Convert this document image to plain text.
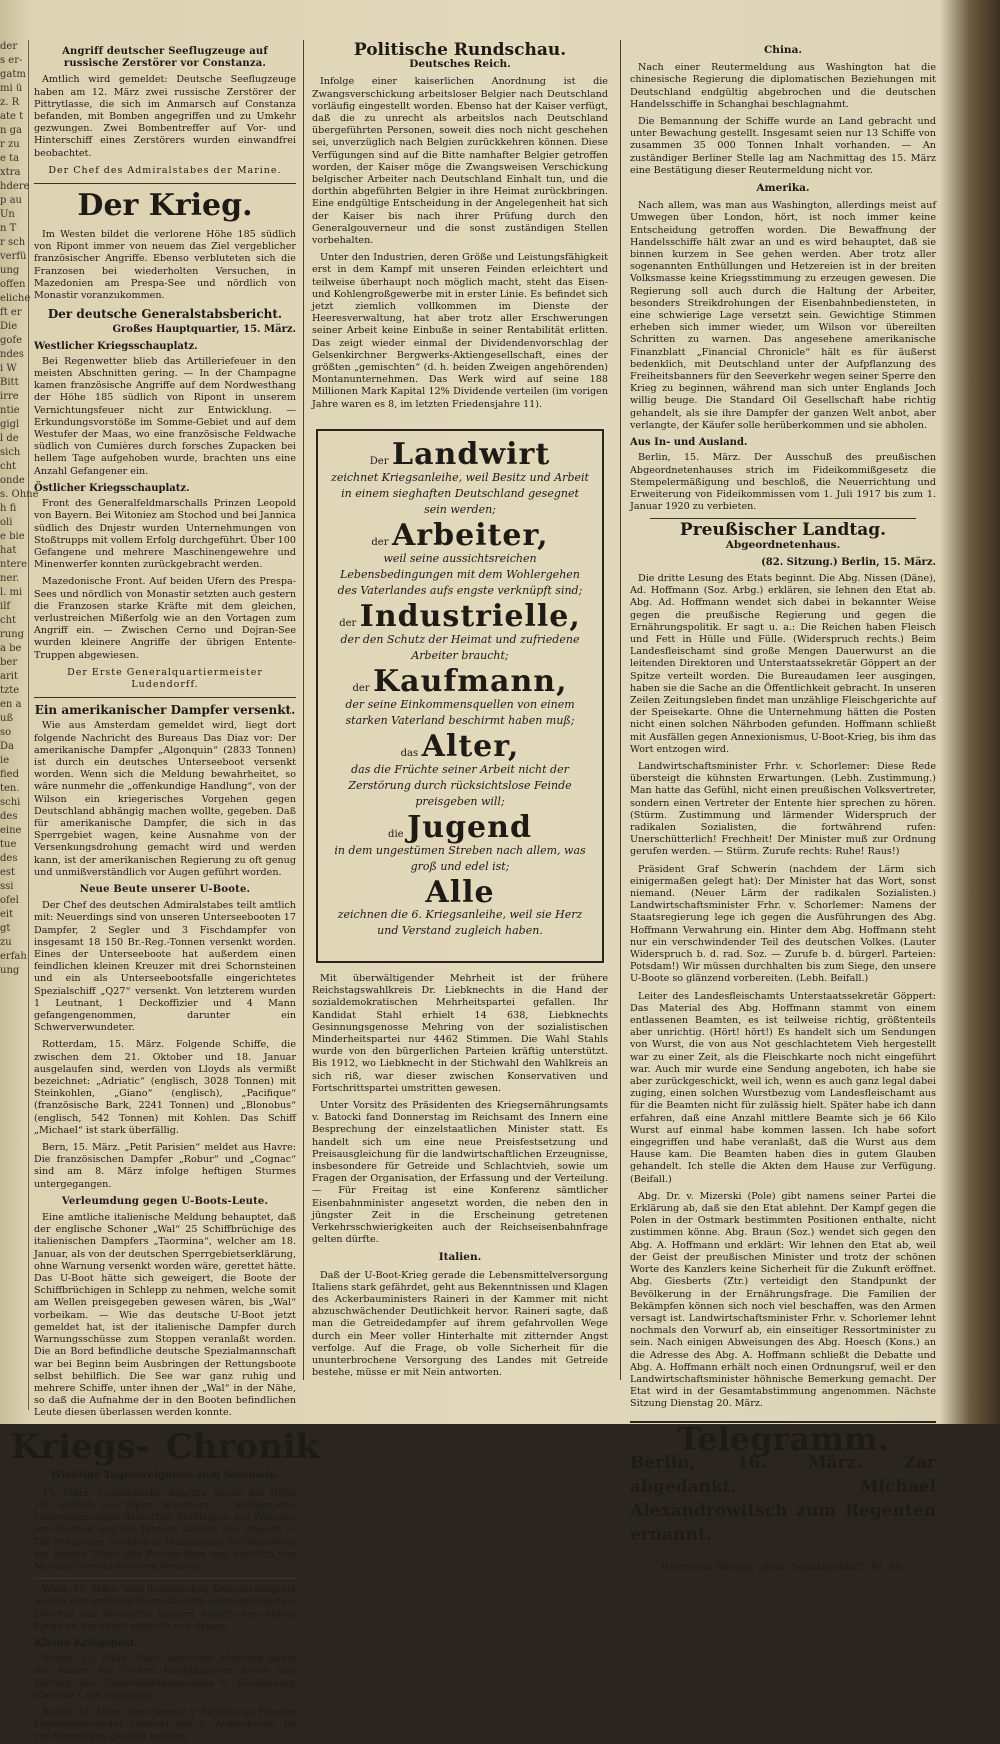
der
s er-
gatm
mi ü
z. R
ate t
n ga
r zu
e ta
xtra
hdere
p au
Un
n T
r sch
verfü
ung
offen
eliche
ft er
Die
gofe
ndes
i W
Bitt
irre
ntie
gigl
l de
sich
cht
onde
s. Ohne
h fi
oli
e bie
hat
ntere
ner.
l. mi
ilf
cht
rung
a be
ber
arit
tzte
en a
uß
so
Da
ie
fied
ten.
schi
des
eine
tue
des
est
ssi
ofel
eit
gt
zu
erfah
ung
Angriff deutscher Seeflugzeuge auf russische Zerstörer vor Constanza.

Amtlich wird gemeldet: Deutsche Seeflugzeuge haben am 12. März zwei russische Zerstörer der Pittrytlasse, die sich im Anmarsch auf Constanza befanden, mit Bomben angegriffen und zu Umkehr gezwungen. Zwei Bombentreffer auf Vor- und Hinterschiff eines Zerstörers wurden einwandfrei beobachtet.

Der Chef des Admiralstabes der Marine.
Der Krieg.

Im Westen bildet die verlorene Höhe 185 südlich von Ripont immer von neuem das Ziel vergeblicher französischer Angriffe. Ebenso verbluteten sich die Franzosen bei wiederholten Versuchen, in Mazedonien am Prespa-See und nördlich von Monastir voranzukommen.

Der deutsche Generalstabsbericht.
Großes Hauptquartier, 15. März.
Westlicher Kriegsschauplatz.

Bei Regenwetter blieb das Artilleriefeuer in den meisten Abschnitten gering. — In der Champagne kamen französische Angriffe auf dem Nordwesthang der Höhe 185 südlich von Ripont in unserem Vernichtungsfeuer nicht zur Entwicklung. — Erkundungsvorstöße im Somme-Gebiet und auf dem Westufer der Maas, wo eine französische Feldwache südlich von Cumières durch forsches Zupacken bei hellem Tage aufgehoben wurde, brachten uns eine Anzahl Gefangener ein.

Östlicher Kriegsschauplatz.

Front des Generalfeldmarschalls Prinzen Leopold von Bayern. Bei Witoniez am Stochod und bei Jannica südlich des Dnjestr wurden Unternehmungen von Stoßtrupps mit vollem Erfolg durchgeführt. Über 100 Gefangene und mehrere Maschinengewehre und Minenwerfer konnten zurückgebracht werden.

Mazedonische Front. Auf beiden Ufern des Prespa-Sees und nördlich von Monastir setzten auch gestern die Franzosen starke Kräfte mit dem gleichen, verlustreichen Mißerfolg wie an den Vortagen zum Angriff ein. — Zwischen Cerno und Dojran-See wurden kleinere Angriffe der übrigen Entente-Truppen abgewiesen.

Der Erste Generalquartiermeister Ludendorff.
Ein amerikanischer Dampfer versenkt.

Wie aus Amsterdam gemeldet wird, liegt dort folgende Nachricht des Bureaus Das Diaz vor: Der amerikanische Dampfer „Algonquin“ (2833 Tonnen) ist durch ein deutsches Unterseeboot versenkt worden. Wenn sich die Meldung bewahrheitet, so wäre nunmehr die „offenkundige Handlung“, von der Wilson ein kriegerisches Vorgehen gegen Deutschland abhängig machen wollte, gegeben. Daß für amerikanische Dampfer, die sich in das Sperrgebiet wagen, keine Ausnahme von der Versenkungsdrohung gemacht wird und werden kann, ist der amerikanischen Regierung zu oft genug und unmißverständlich vor Augen geführt worden.

Neue Beute unserer U-Boote.

Der Chef des deutschen Admiralstabes teilt amtlich mit: Neuerdings sind von unseren Unterseebooten 17 Dampfer, 2 Segler und 3 Fischdampfer von insgesamt 18 150 Br.-Reg.-Tonnen versenkt worden. Eines der Unterseeboote hat außerdem einen feindlichen kleinen Kreuzer mit drei Schornsteinen und ein als Unterseebootsfalle eingerichtetes Spezialschiff „Q27“ versenkt. Von letzterem wurden 1 Leutnant, 1 Deckoffizier und 4 Mann gefangengenommen, darunter ein Schwerverwundeter.

Rotterdam, 15. März. Folgende Schiffe, die zwischen dem 21. Oktober und 18. Januar ausgelaufen sind, werden von Lloyds als vermißt bezeichnet: „Adriatic“ (englisch, 3028 Tonnen) mit Steinkohlen, „Giano“ (englisch), „Pacifique“ (französische Bark, 2241 Tonnen) und „Blonobus“ (englisch, 542 Tonnen) mit Kohlen. Das Schiff „Michael“ ist stark überfällig.

Bern, 15. März. „Petit Parisien“ meldet aus Havre: Die französischen Dampfer „Robur“ und „Cognac“ sind am 8. März infolge heftigen Sturmes untergegangen.

Verleumdung gegen U-Boots-Leute.

Eine amtliche italienische Meldung behauptet, daß der englische Schoner „Wal“ 25 Schiffbrüchige des italienischen Dampfers „Taormina“, welcher am 18. Januar, als von der deutschen Sperrgebietserklärung, ohne Warnung versenkt worden wäre, gerettet hätte. Das U-Boot hätte sich geweigert, die Boote der Schiffbrüchigen in Schlepp zu nehmen, welche somit am Wellen preisgegeben gewesen wären, bis „Wal“ vorbeikam. — Wie das deutsche U-Boot jetzt gemeldet hat, ist der italienische Dampfer durch Warnungsschüsse zum Stoppen veranlaßt worden. Die an Bord befindliche deutsche Spezialmannschaft war bei Beginn beim Ausbringen der Rettungsboote selbst behilflich. Die See war ganz ruhig und mehrere Schiffe, unter ihnen der „Wal“ in der Nähe, so daß die Aufnahme der in den Booten befindlichen Leute diesen überlassen werden konnte.

Kriegs- Chronik
Wichtige Tagesereignisse zum Sammeln.

15. März. Französische Angriffe gegen die Höhe 185 südlich von Ripont scheitern. — Erfolgreiche Unternehmungen deutscher Stoßtrupps bei Witoniez am Stochod und bei Jannica südlich des Dnjestr. — Die Franzosen erleiden in Mazedonien bei Vorstößen auf beiden Ufern des Prespa-Sees und nördlich von Monastir erneut schwere Verluste.

Wien, 15. März. Vom italienischen Kriegsschauplatz meldet der amtliche Heeresbericht einen gelungenen Überfall auf feindliche Gräben östlich des Monte Forno an der Front nördlich von Asiago.

Kleine Kriegspost.

Berlin, 15. März. Nach amtlicher Meldung nahm der Kaiser im Großen Hauptquartier heute den Vortrag des Generalfeldmarschalls v. Hindenburg über die Lage entgegen.

Berlin, 15. März. Der General v. Strantz, im Frieden kommandierender General des 5. Armeekorps, ist zur Disposition gestellt worden.

Politische Rundschau.
Deutsches Reich.

Infolge einer kaiserlichen Anordnung ist die Zwangsverschickung arbeitsloser Belgier nach Deutschland vorläufig eingestellt worden. Ebenso hat der Kaiser verfügt, daß die zu unrecht als arbeitslos nach Deutschland übergeführten Personen, soweit dies noch nicht geschehen sei, unverzüglich nach Belgien zurückkehren können. Diese Verfügungen sind auf die Bitte namhafter Belgier getroffen worden, der Kaiser möge die Zwangsweisen Verschickung belgischer Arbeiter nach Deutschland Einhalt tun, und die dorthin abgeführten Belgier in ihre Heimat zurückbringen. Eine endgültige Entscheidung in der Angelegenheit hat sich der Kaiser bis nach ihrer Prüfung durch den Generalgouverneur und die sonst zuständigen Stellen vorbehalten.

Unter den Industrien, deren Größe und Leistungsfähigkeit erst in dem Kampf mit unseren Feinden erleichtert und teilweise überhaupt noch möglich macht, steht das Eisen- und Kohlengroßgewerbe mit in erster Linie. Es befindet sich jetzt ziemlich vollkommen im Dienste der Heeresverwaltung, hat aber trotz aller Erschwerungen seiner Arbeit keine Einbuße in seiner Rentabilität erlitten. Das zeigt wieder einmal der Dividendenvorschlag der Gelsenkirchner Bergwerks-Aktiengesellschaft, eines der größten „gemischten“ (d. h. beiden Zweigen angehörenden) Montanunternehmen. Das Werk wird auf seine 188 Millionen Mark Kapital 12% Dividende verteilen (im vorigen Jahre waren es 8, im letzten Friedensjahre 11).

Der Landwirt
zeichnet Kriegsanleihe, weil Besitz und Arbeit in einem sieghaften Deutschland gesegnet sein werden;
der Arbeiter,
weil seine aussichtsreichen Lebensbedingungen mit dem Wohlergehen des Vaterlandes aufs engste verknüpft sind;
der Industrielle,
der den Schutz der Heimat und zufriedene Arbeiter braucht;
der Kaufmann,
der seine Einkommensquellen von einem starken Vaterland beschirmt haben muß;
das Alter,
das die Früchte seiner Arbeit nicht der Zerstörung durch rücksichtslose Feinde preisgeben will;
die Jugend
in dem ungestümen Streben nach allem, was groß und edel ist;
Alle
zeichnen die 6. Kriegsanleihe, weil sie Herz und Verstand zugleich haben.

Mit überwältigender Mehrheit ist der frühere Reichstagswahlkreis Dr. Liebknechts in die Hand der sozialdemokratischen Mehrheitspartei gefallen. Ihr Kandidat Stahl erhielt 14 638, Liebknechts Gesinnungsgenosse Mehring von der sozialistischen Minderheitspartei nur 4462 Stimmen. Die Wahl Stahls wurde von den bürgerlichen Parteien kräftig unterstützt. Bis 1912, wo Liebknecht in der Stichwahl den Wahlkreis an sich riß, war dieser zwischen Konservativen und Fortschrittspartei umstritten gewesen.

Unter Vorsitz des Präsidenten des Kriegsernährungsamts v. Batocki fand Donnerstag im Reichsamt des Innern eine Besprechung der einzelstaatlichen Minister statt. Es handelt sich um eine neue Preisfestsetzung und Preisausgleichung für die landwirtschaftlichen Erzeugnisse, insbesondere für Getreide und Schlachtvieh, sowie um Fragen der Organisation, der Erfassung und der Verteilung. — Für Freitag ist eine Konferenz sämtlicher Eisenbahnminister angesetzt worden, die neben den in jüngster Zeit in die Erscheinung getretenen Verkehrsschwierigkeiten auch der Reichseisenbahnfrage gelten dürfte.

Italien.

Daß der U-Boot-Krieg gerade die Lebensmittelversorgung Italiens stark gefährdet, geht aus Bekenntnissen und Klagen des Ackerbauministers Raineri in der Kammer mit nicht abzuschwächender Deutlichkeit hervor. Raineri sagte, daß man die Getreidedampfer auf ihrem gefahrvollen Wege durch ein Meer voller Hinterhalte mit zitternder Angst verfolge. Auf die Frage, ob volle Sicherheit für die ununterbrochene Versorgung des Landes mit Getreide bestehe, müsse er mit Nein antworten.

China.

Nach einer Reutermeldung aus Washington hat die chinesische Regierung die diplomatischen Beziehungen mit Deutschland endgültig abgebrochen und die deutschen Handelsschiffe in Schanghai beschlagnahmt.

Die Bemannung der Schiffe wurde an Land gebracht und unter Bewachung gestellt. Insgesamt seien nur 13 Schiffe von zusammen 35 000 Tonnen Inhalt vorhanden. — An zuständiger Berliner Stelle lag am Nachmittag des 15. März eine Bestätigung dieser Reutermeldung nicht vor.

Amerika.

Nach allem, was man aus Washington, allerdings meist auf Umwegen über London, hört, ist noch immer keine Entscheidung getroffen worden. Die Bewaffnung der Handelsschiffe hält zwar an und es wird behauptet, daß sie binnen kurzem in See gehen werden. Aber trotz aller sogenannten Enthüllungen und Hetzereien ist in der breiten Volksmasse keine Kriegsstimmung zu erzeugen gewesen. Die Regierung soll auch durch die Haltung der Arbeiter, besonders Streikdrohungen der Eisenbahnbediensteten, in eine schwierige Lage versetzt sein. Gewichtige Stimmen erheben sich immer wieder, um Wilson vor übereilten Schritten zu warnen. Das angesehene amerikanische Finanzblatt „Financial Chronicle“ hält es für äußerst bedenklich, mit Deutschland unter der Aufpflanzung des Freiheitsbanners für den Seeverkehr wegen seiner Sperre den Krieg zu beginnen, während man sich unter Englands Joch willig beuge. Die Standard Oil Gesellschaft habe richtig gehandelt, als sie ihre Dampfer der ganzen Welt anbot, aber verlangte, der Käufer solle herüberkommen und sie abholen.

Aus In- und Ausland.

Berlin, 15. März. Der Ausschuß des preußischen Abgeordnetenhauses strich im Fideikommißgesetz die Stempelermäßigung und beschloß, die Neuerrichtung und Erweiterung von Fideikommissen vom 1. Juli 1917 bis zum 1. Januar 1920 zu verbieten.

Preußischer Landtag.
Abgeordnetenhaus.
(82. Sitzung.) Berlin, 15. März.

Die dritte Lesung des Etats beginnt. Die Abg. Nissen (Däne), Ad. Hoffmann (Soz. Arbg.) erklären, sie lehnen den Etat ab. Abg. Ad. Hoffmann wendet sich dabei in bekannter Weise gegen die preußische Regierung und gegen die Ernährungspolitik. Er sagt u. a.: Die Reichen haben Fleisch und Fett in Hülle und Fülle. (Widerspruch rechts.) Beim Landesfleischamt sind große Mengen Dauerwurst an die leitenden Direktoren und Unterstaatssekretär Göppert an der Spitze verteilt worden. Die Bureaudamen leer ausgingen, haben sie die Sache an die Öffentlichkeit gebracht. In unseren Zeilen Zeitungsleben findet man unzählige Fleischgerichte auf der Speisekarte. Ohne die Unternehmung hätten die Posten nicht einen solchen Nährboden gefunden. Hoffmann schließt mit Ausfällen gegen Annexionismus, U-Boot-Krieg, bis ihm das Wort entzogen wird.

Landwirtschaftsminister Frhr. v. Schorlemer: Diese Rede übersteigt die kühnsten Erwartungen. (Lebh. Zustimmung.) Man hatte das Gefühl, nicht einen preußischen Volksvertreter, sondern einen Vertreter der Entente hier sprechen zu hören. (Stürm. Zustimmung und lärmender Widerspruch der radikalen Sozialisten, die fortwährend rufen: Unerschütterlich! Frechheit! Der Minister muß zur Ordnung gerufen werden. — Stürm. Zurufe rechts: Ruhe! Raus!)

Präsident Graf Schwerin (nachdem der Lärm sich einigermaßen gelegt hat): Der Minister hat das Wort, sonst niemand. (Neuer Lärm der radikalen Sozialisten.) Landwirtschaftsminister Frhr. v. Schorlemer: Namens der Staatsregierung lege ich gegen die Ausführungen des Abg. Hoffmann Verwahrung ein. Hinter dem Abg. Hoffmann steht nur ein verschwindender Teil des deutschen Volkes. (Lauter Widerspruch b. d. rad. Soz. — Zurufe b. d. bürgerl. Parteien: Potsdam!) Wir müssen durchhalten bis zum Siege, den unsere U-Boote so glänzend vorbereiten. (Lebh. Beifall.)

Leiter des Landesfleischamts Unterstaatssekretär Göppert: Das Material des Abg. Hoffmann stammt von einem entlassenen Beamten, es ist teilweise richtig, größtenteils aber unrichtig. (Hört! hört!) Es handelt sich um Sendungen von Wurst, die von aus Not geschlachtetem Vieh hergestellt war zu einer Zeit, als die Fleischkarte noch nicht eingeführt war. Auch mir wurde eine Sendung angeboten, ich habe sie aber zurückgeschickt, weil ich, wenn es auch ganz legal dabei zuging, einen solchen Wurstbezug vom Landesfleischamt aus für die Beamten nicht für zulässig hielt. Später habe ich dann erfahren, daß eine Anzahl mittlere Beamte sich je 66 Kilo Wurst auf einmal habe kommen lassen. Ich habe sofort eingegriffen und habe veranlaßt, daß die Wurst aus dem Hause kam. Die Beamten haben dies in gutem Glauben gehandelt. Ich stelle die Akten dem Hause zur Verfügung. (Beifall.)

Abg. Dr. v. Mizerski (Pole) gibt namens seiner Partei die Erklärung ab, daß sie den Etat ablehnt. Der Kampf gegen die Polen in der Ostmark bestimmten Positionen enthalte, nicht zustimmen könne. Abg. Braun (Soz.) wendet sich gegen den Abg. A. Hoffmann und erklärt: Wir lehnen den Etat ab, weil der Geist der preußischen Minister und trotz der schönen Worte des Kanzlers keine Sicherheit für die Zukunft eröffnet. Abg. Giesberts (Ztr.) verteidigt den Standpunkt der Bevölkerung in der Ernährungsfrage. Die Familien der Bekämpfen können sich noch viel beschaffen, was den Armen versagt ist. Landwirtschaftsminister Frhr. v. Schorlemer lehnt nochmals den Vorwurf ab, ein einseitiger Ressortminister zu sein. Nach einigen Abweisungen des Abg. Hoesch (Kons.) an die Adresse des Abg. A. Hoffmann schließt die Debatte und Abg. A. Hoffmann erhält noch einen Ordnungsruf, weil er den Landwirtschaftsminister höhnische Bemerkung gemacht. Der Etat wird in der Gesamtabstimmung angenommen. Nächste Sitzung Dienstag 20. März.

Telegramm.
Berlin, 16. März. Zar abgedankt. Michael Alexandrowitsch zum Regenten ernannt.
Hierzu als Beilage „Justr. Sonntagsblatt“ Nr. 10.
